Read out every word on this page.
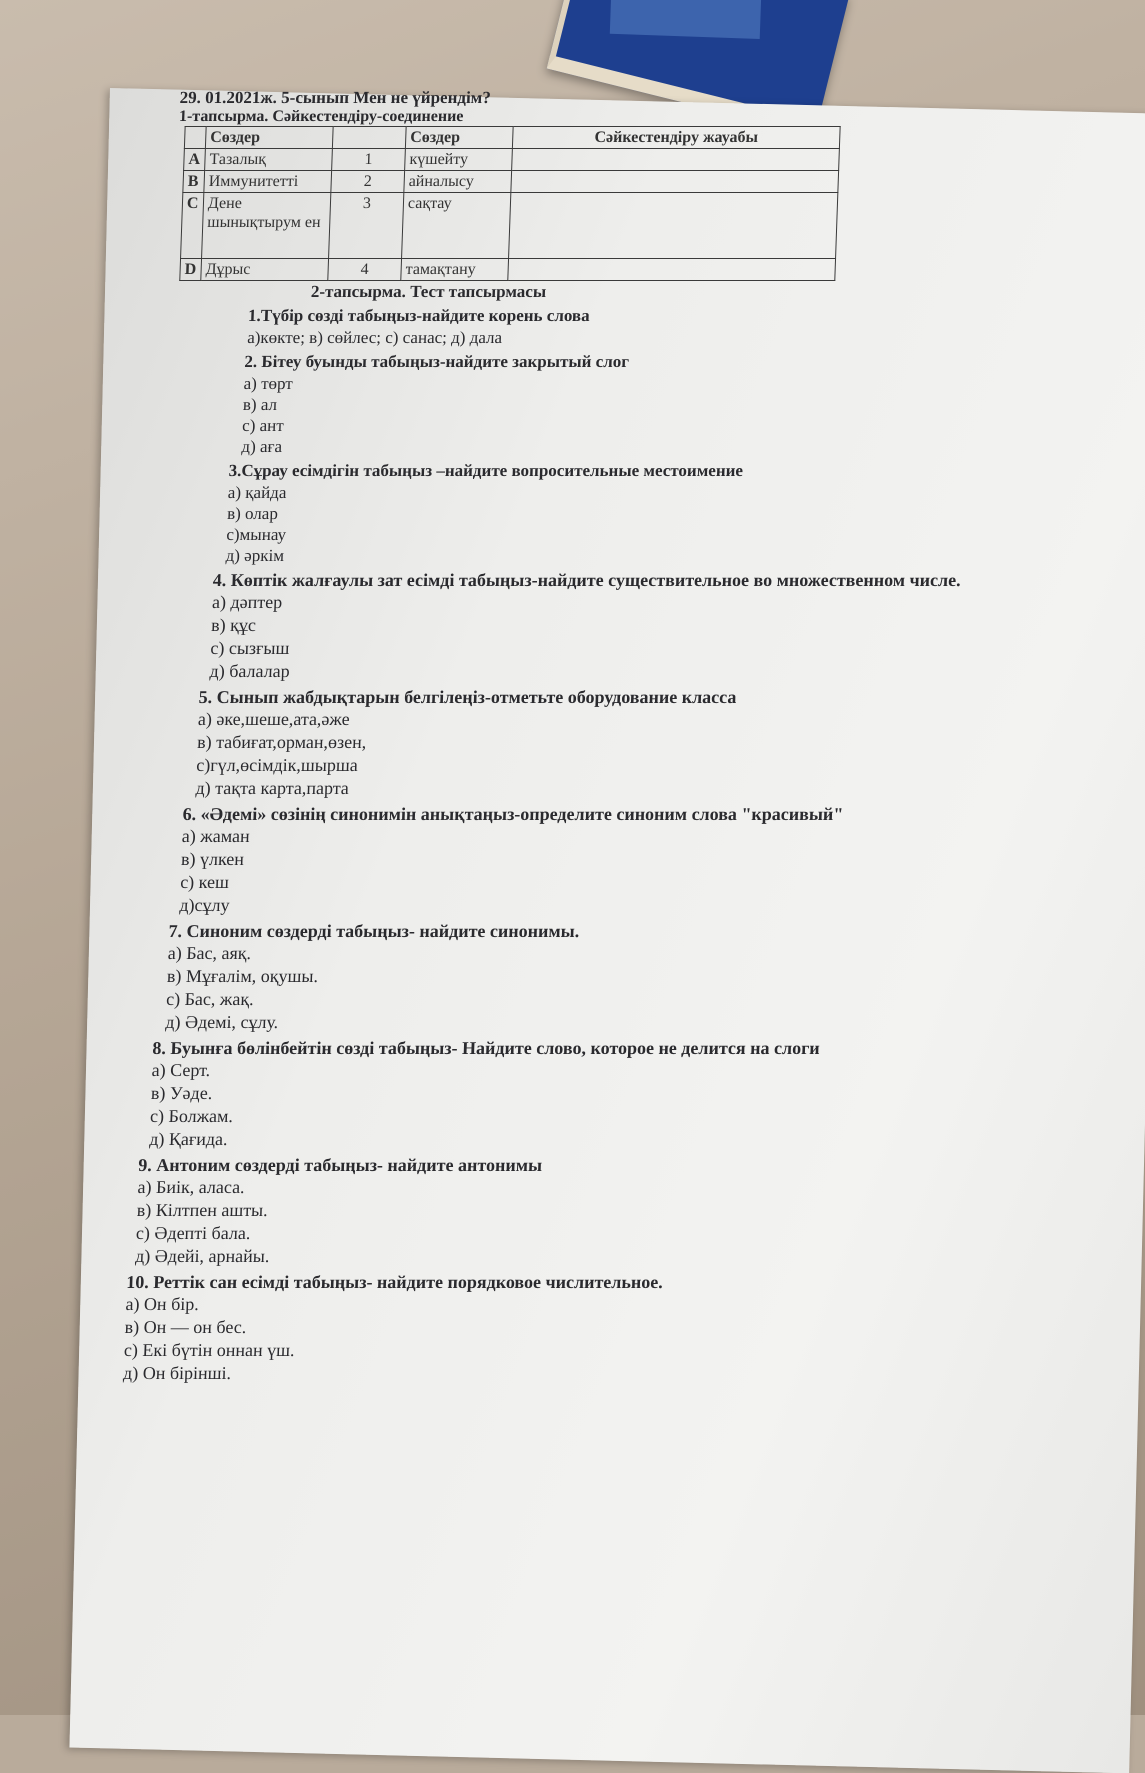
29. 01.2021ж. 5-сынып Мен не үйрендім?
1-тапсырма. Сәйкестендіру-соединение
	Сөздер		Сөздер	Сәйкестендіру жауабы
А	Тазалық	1	күшейту	
В	Иммунитетті	2	айналысу	
С	Дене шынықтырум ен	3	сақтау	
D	Дұрыс	4	тамақтану	
2-тапсырма. Тест тапсырмасы
1.Түбір сөзді табыңыз-найдите корень слова
а)көкте; в) сөйлес; с) санас; д) дала
2. Бітеу буынды табыңыз-найдите закрытый слог
а) төрт
в) ал
с) ант
д) аға
3.Сұрау есімдігін табыңыз –найдите вопросительные местоимение
а) қайда
в) олар
с)мынау
д) әркім
4. Көптік жалғаулы зат есімді табыңыз-найдите существительное во множественном числе.
а) дәптер
в) құс
с) сызғыш
д) балалар
5. Сынып жабдықтарын белгілеңіз-отметьте оборудование класса
а) әке,шеше,ата,әже
в) табиғат,орман,өзен,
с)гүл,өсімдік,шырша
д) тақта карта,парта
6. «Әдемі» сөзінің синонимін анықтаңыз-определите синоним слова "красивый"
а) жаман
в) үлкен
с) кеш
д)сұлу
7. Синоним сөздерді табыңыз- найдите синонимы.
а) Бас, аяқ.
в) Мұғалім, оқушы.
с) Бас, жақ.
д) Әдемі, сұлу.
8. Буынға бөлінбейтін сөзді табыңыз- Найдите слово, которое не делится на слоги
а) Серт.
в) Уәде.
с) Болжам.
д) Қағида.
9. Антоним сөздерді табыңыз- найдите антонимы
а) Биік, аласа.
в) Кілтпен ашты.
с) Әдепті бала.
д) Әдейі, арнайы.
10. Реттік сан есімді табыңыз- найдите порядковое числительное.
а) Он бір.
в) Он — он бес.
с) Екі бүтін оннан үш.
д) Он бірінші.
